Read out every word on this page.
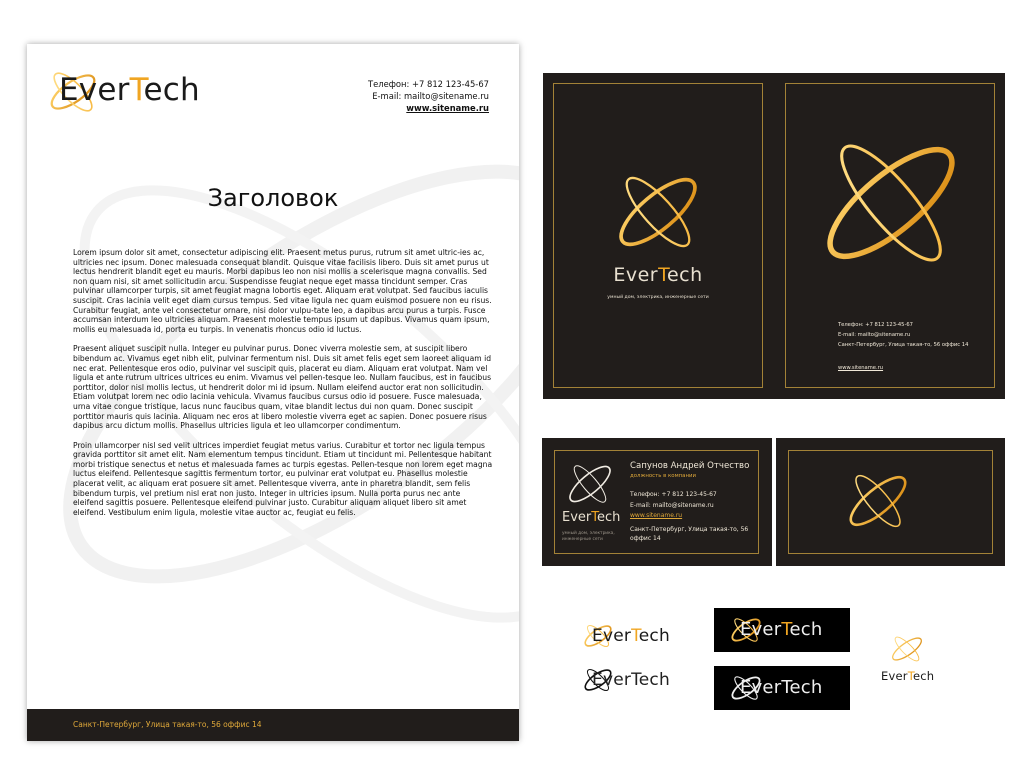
EverTech	Телефон: +7 812 123-45-67
E-mail: mailto@sitename.ru
www.sitename.ru
Заголовок

Lorem ipsum dolor sit amet, consectetur adipiscing elit. Praesent metus purus, rutrum sit amet ultric-ies ac, ultricies nec ipsum. Donec malesuada consequat blandit. Quisque vitae facilisis libero. Duis sit amet purus ut lectus hendrerit blandit eget eu mauris. Morbi dapibus leo non nisi mollis a scelerisque magna convallis. Sed non quam nisi, sit amet sollicitudin arcu. Suspendisse feugiat neque eget massa tincidunt semper. Cras pulvinar ullamcorper turpis, sit amet feugiat magna lobortis eget. Aliquam erat volutpat. Sed faucibus iaculis suscipit. Cras lacinia velit eget diam cursus tempus. Sed vitae ligula nec quam euismod posuere non eu risus. Curabitur feugiat, ante vel consectetur ornare, nisi dolor vulpu-tate leo, a dapibus arcu purus a turpis. Fusce accumsan interdum leo ultricies aliquam. Praesent molestie tempus ipsum ut dapibus. Vivamus quam ipsum, mollis eu malesuada id, porta eu turpis. In venenatis rhoncus odio id luctus.

Praesent aliquet suscipit nulla. Integer eu pulvinar purus. Donec viverra molestie sem, at suscipit libero bibendum ac. Vivamus eget nibh elit, pulvinar fermentum nisl. Duis sit amet felis eget sem laoreet aliquam id nec erat. Pellentesque eros odio, pulvinar vel suscipit quis, placerat eu diam. Aliquam erat volutpat. Nam vel ligula et ante rutrum ultrices ultrices eu enim. Vivamus vel pellen-tesque leo. Nullam faucibus, est in faucibus porttitor, dolor nisl mollis lectus, ut hendrerit dolor mi id ipsum. Nullam eleifend auctor erat non sollicitudin. Etiam volutpat lorem nec odio lacinia vehicula. Vivamus faucibus cursus odio id posuere. Fusce malesuada, urna vitae congue tristique, lacus nunc faucibus quam, vitae blandit lectus dui non quam. Donec suscipit porttitor mauris quis lacinia. Aliquam nec eros at libero molestie viverra eget ac sapien. Donec posuere risus dapibus arcu dictum mollis. Phasellus ultricies ligula et leo ullamcorper condimentum.

Proin ullamcorper nisl sed velit ultrices imperdiet feugiat metus varius. Curabitur et tortor nec ligula tempus gravida porttitor sit amet elit. Nam elementum tempus tincidunt. Etiam ut tincidunt mi. Pellentesque habitant morbi tristique senectus et netus et malesuada fames ac turpis egestas. Pellen-tesque non lorem eget magna luctus eleifend. Pellentesque sagittis fermentum tortor, eu pulvinar erat volutpat eu. Phasellus molestie placerat velit, ac aliquam erat posuere sit amet. Pellentesque viverra, ante in pharetra blandit, sem felis bibendum turpis, vel pretium nisl erat non justo. Integer in ultricies ipsum. Nulla porta purus nec ante eleifend sagittis posuere. Pellentesque eleifend pulvinar justo. Curabitur aliquam aliquet libero sit amet eleifend. Vestibulum enim ligula, molestie vitae auctor ac, feugiat eu felis.

Санкт-Петербург, Улица такая-то, 56 оффис 14
EverTech
умный дом, электрика, инженерные сети
Телефон: +7 812 123-45-67
E-mail: mailto@sitename.ru
Санкт-Петербург, Улица такая-то, 56 оффис 14
www.sitename.ru
EverTech
умный дом, электрика, инженерные сети
Сапунов Андрей Отчество
должность в компании
Телефон: +7 812 123-45-67
E-mail: mailto@sitename.ru
www.sitename.ru
Санкт-Петербург, Улица такая-то, 56 оффис 14
EverTech
EverTech
EverTech
EverTech
EverTech
